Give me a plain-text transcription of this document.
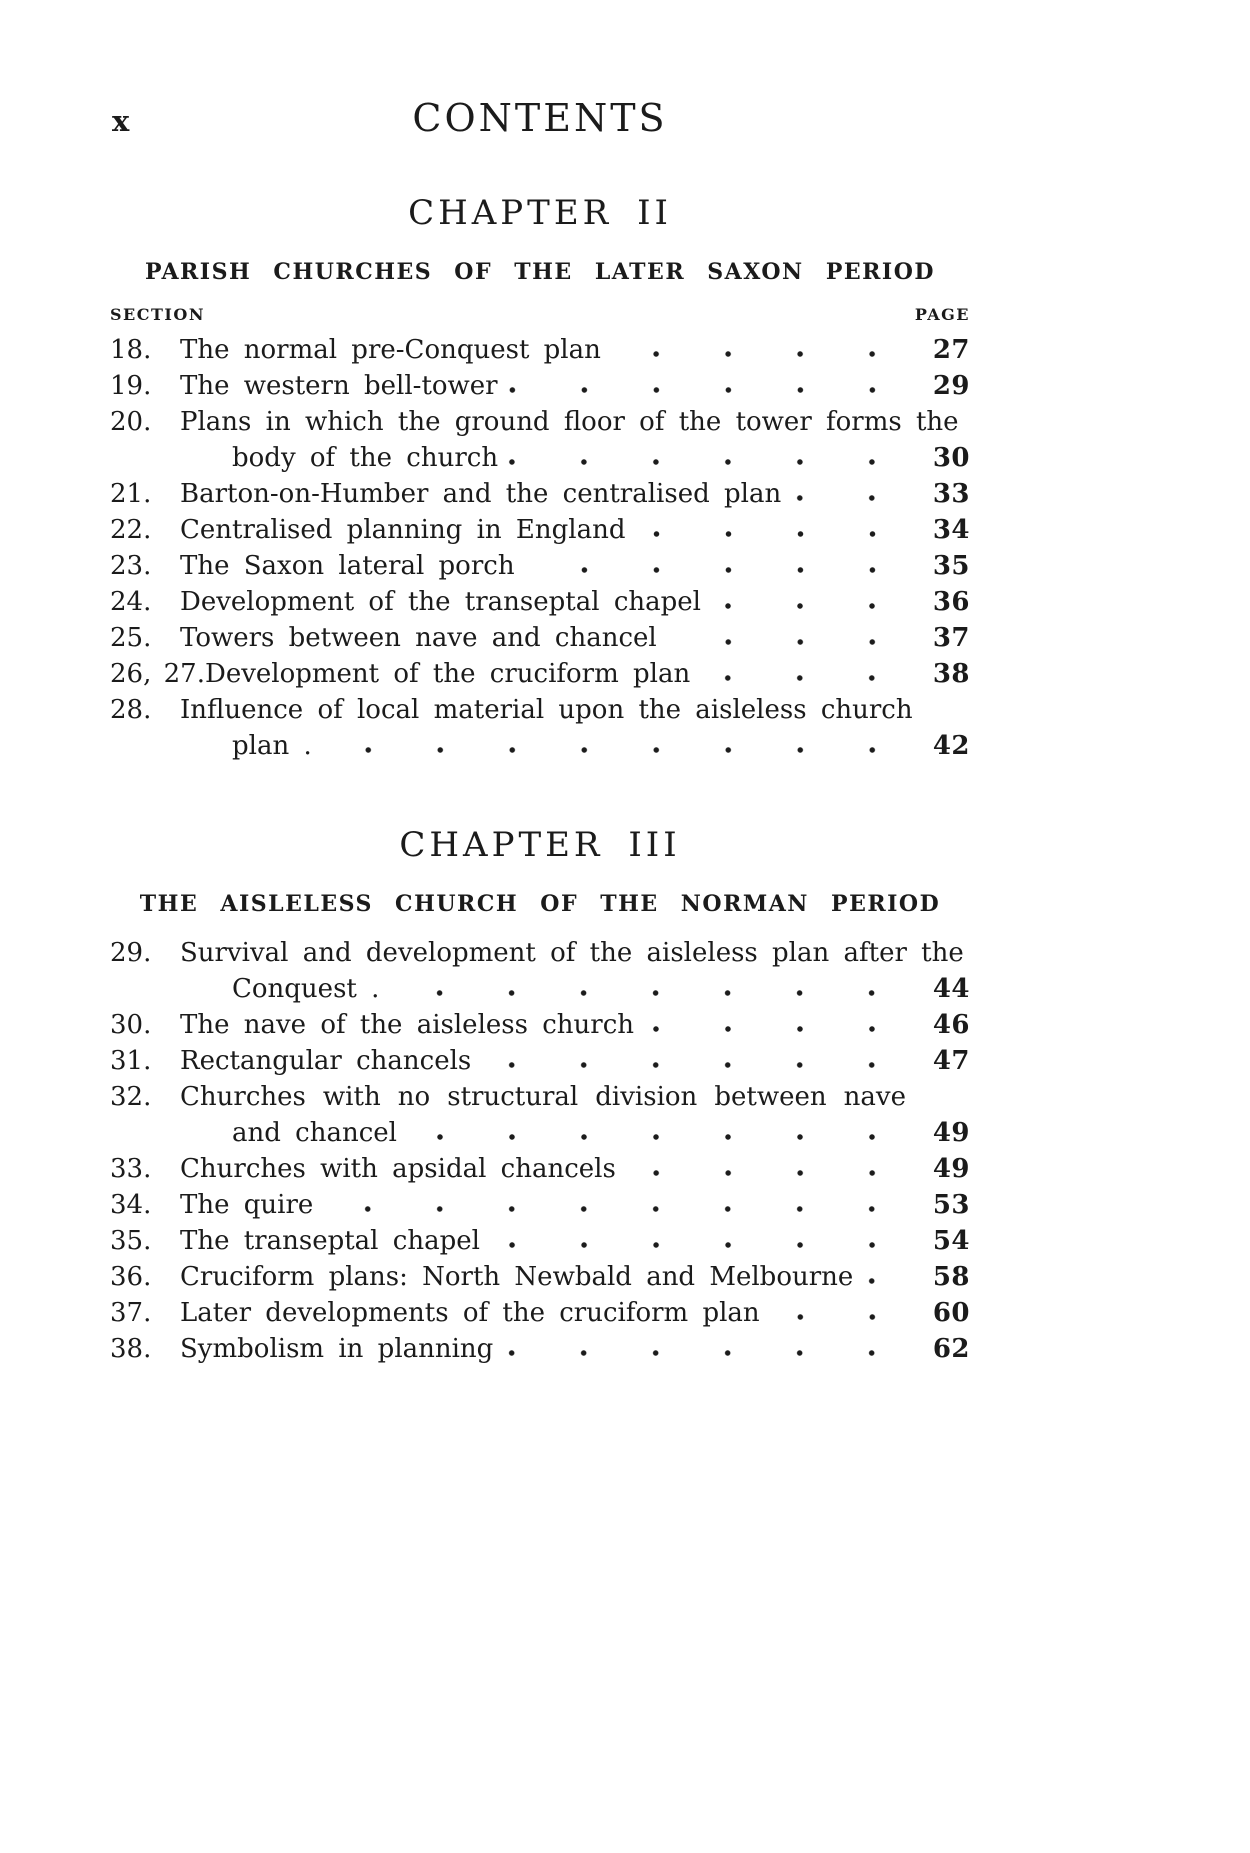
x	CONTENTS
CHAPTER II
PARISH CHURCHES OF THE LATER SAXON PERIOD
SECTION	PAGE
18.	The normal pre-Conquest plan	27
19.	The western bell-tower	29
20.	Plans in which the ground floor of the tower forms the
body of the church	30
21.	Barton-on-Humber and the centralised plan	33
22.	Centralised planning in England	34
23.	The Saxon lateral porch	35
24.	Development of the transeptal chapel	36
25.	Towers between nave and chancel	37
26, 27. Development of the cruciform plan	38
28.	Influence of local material upon the aisleless church
plan .	42
CHAPTER III
THE AISLELESS CHURCH OF THE NORMAN PERIOD
29.	Survival and development of the aisleless plan after the
Conquest .	44
30.	The nave of the aisleless church	46
31.	Rectangular chancels	47
32.	Churches with no structural division between nave
and chancel	49
33.	Churches with apsidal chancels	49
34.	The quire	53
35.	The transeptal chapel	54
36.	Cruciform plans: North Newbald and Melbourne	58
37.	Later developments of the cruciform plan	60
38.	Symbolism in planning	62
